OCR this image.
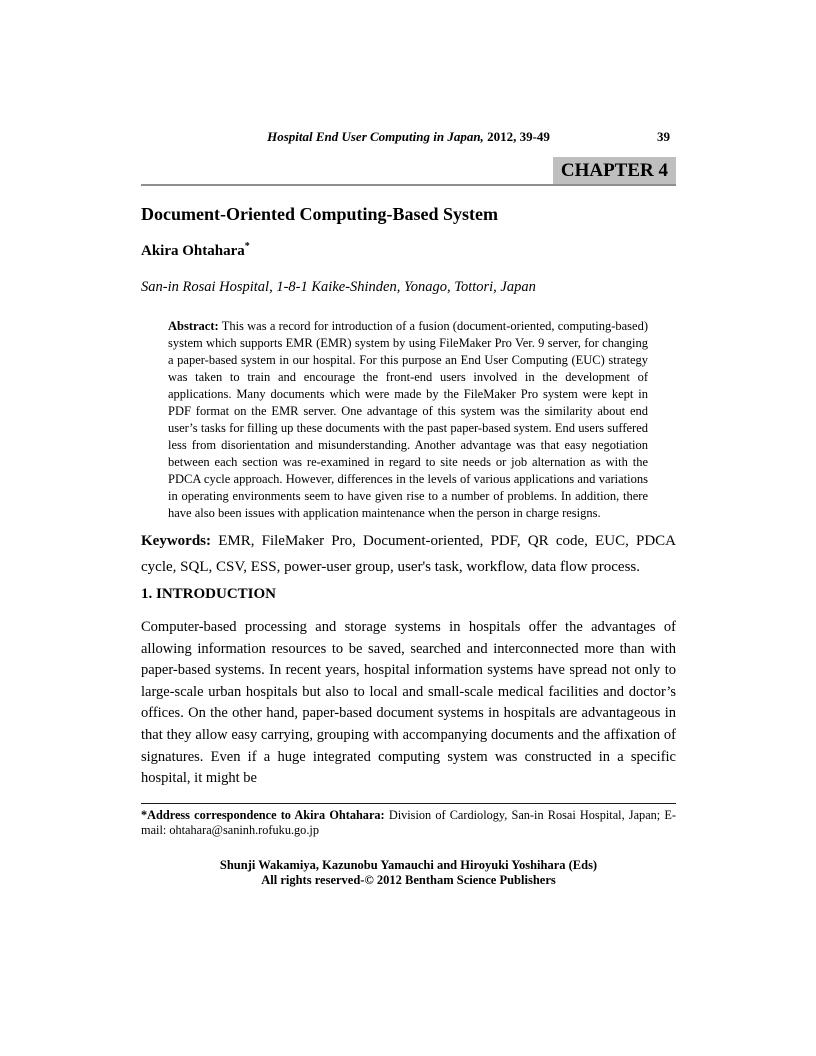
Hospital End User Computing in Japan, 2012, 39-49	39
CHAPTER 4
Document-Oriented Computing-Based System
Akira Ohtahara*
San-in Rosai Hospital, 1-8-1 Kaike-Shinden, Yonago, Tottori, Japan

Abstract: This was a record for introduction of a fusion (document-oriented, computing-based) system which supports EMR (EMR) system by using FileMaker Pro Ver. 9 server, for changing a paper-based system in our hospital. For this purpose an End User Computing (EUC) strategy was taken to train and encourage the front-end users involved in the development of applications. Many documents which were made by the FileMaker Pro system were kept in PDF format on the EMR server. One advantage of this system was the similarity about end user’s tasks for filling up these documents with the past paper-based system. End users suffered less from disorientation and misunderstanding. Another advantage was that easy negotiation between each section was re-examined in regard to site needs or job alternation as with the PDCA cycle approach. However, differences in the levels of various applications and variations in operating environments seem to have given rise to a number of problems. In addition, there have also been issues with application maintenance when the person in charge resigns.

Keywords: EMR, FileMaker Pro, Document-oriented, PDF, QR code, EUC, PDCA cycle, SQL, CSV, ESS, power-user group, user's task, workflow, data flow process.

1. INTRODUCTION

Computer-based processing and storage systems in hospitals offer the advantages of allowing information resources to be saved, searched and interconnected more than with paper-based systems. In recent years, hospital information systems have spread not only to large-scale urban hospitals but also to local and small-scale medical facilities and doctor’s offices. On the other hand, paper-based document systems in hospitals are advantageous in that they allow easy carrying, grouping with accompanying documents and the affixation of signatures. Even if a huge integrated computing system was constructed in a specific hospital, it might be

*Address correspondence to Akira Ohtahara: Division of Cardiology, San-in Rosai Hospital, Japan; E-mail: ohtahara@saninh.rofuku.go.jp
Shunji Wakamiya, Kazunobu Yamauchi and Hiroyuki Yoshihara (Eds)
All rights reserved-© 2012 Bentham Science Publishers
